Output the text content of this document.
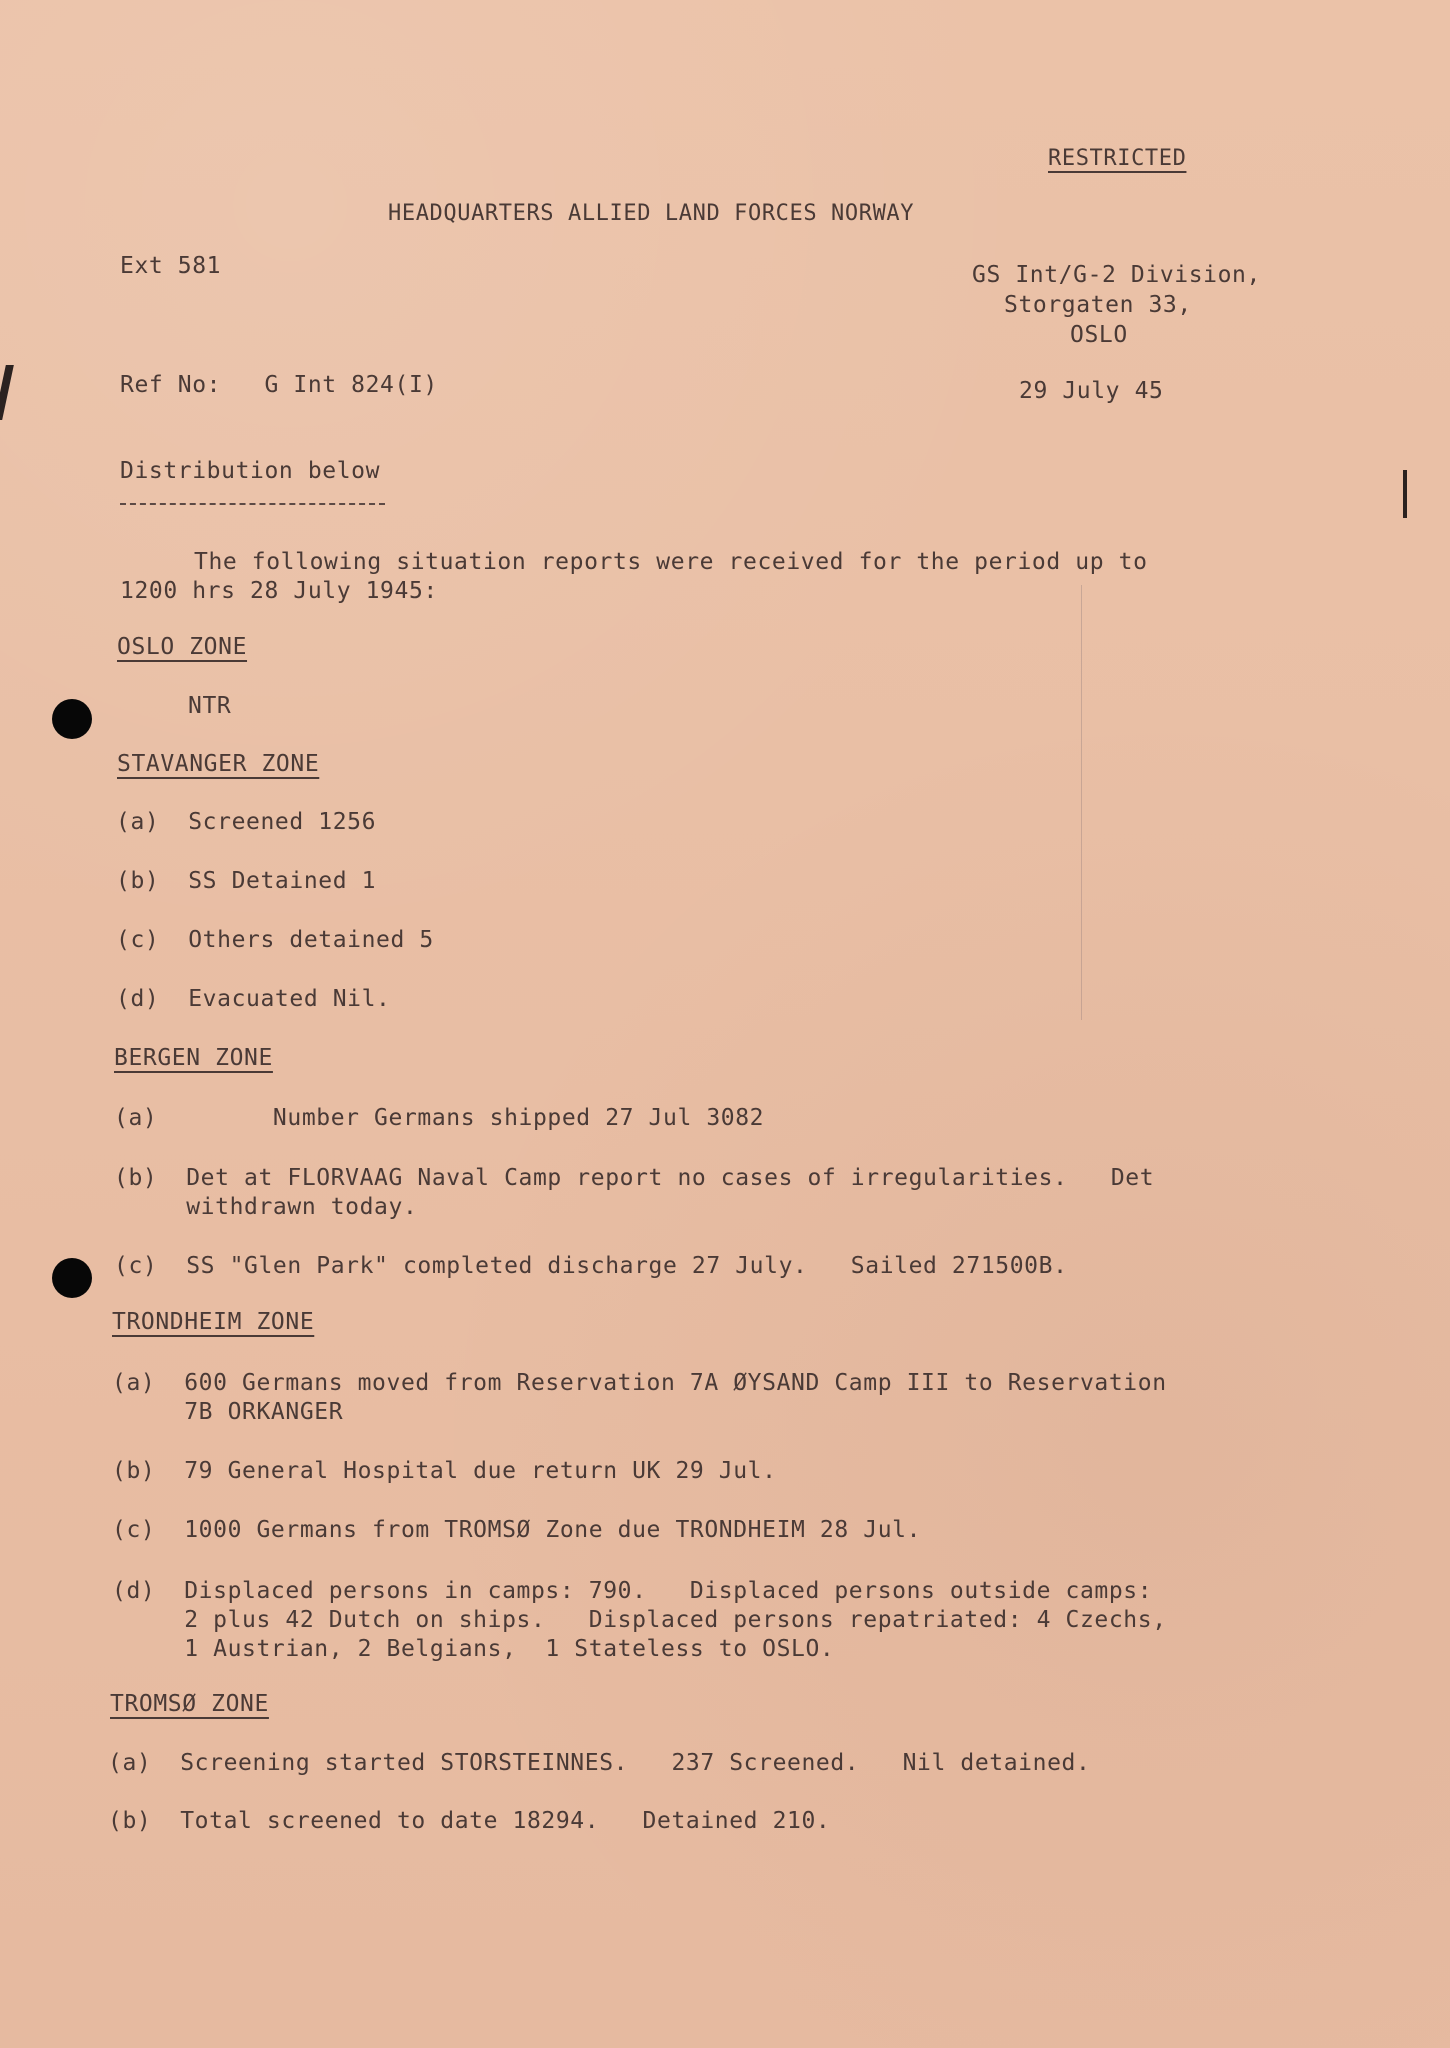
RESTRICTED
HEADQUARTERS ALLIED LAND FORCES NORWAY
Ext 581	GS Int/G-2 Division,
Storgaten 33,
OSLO
Ref No:   G Int 824(I)	29 July 45
Distribution below
The following situation reports were received for the period up to
1200 hrs 28 July 1945:
OSLO ZONE
NTR
STAVANGER ZONE
(a)  Screened 1256
(b)  SS Detained 1
(c)  Others detained 5
(d)  Evacuated Nil.
BERGEN ZONE
(a)        Number Germans shipped 27 Jul 3082
(b)  Det at FLORVAAG Naval Camp report no cases of irregularities.   Det
withdrawn today.
(c)  SS "Glen Park" completed discharge 27 July.   Sailed 271500B.
TRONDHEIM ZONE
(a)  600 Germans moved from Reservation 7A ØYSAND Camp III to Reservation
7B ORKANGER
(b)  79 General Hospital due return UK 29 Jul.
(c)  1000 Germans from TROMSØ Zone due TRONDHEIM 28 Jul.
(d)  Displaced persons in camps: 790.   Displaced persons outside camps:
2 plus 42 Dutch on ships.   Displaced persons repatriated: 4 Czechs,
1 Austrian, 2 Belgians,  1 Stateless to OSLO.
TROMSØ ZONE
(a)  Screening started STORSTEINNES.   237 Screened.   Nil detained.
(b)  Total screened to date 18294.   Detained 210.
